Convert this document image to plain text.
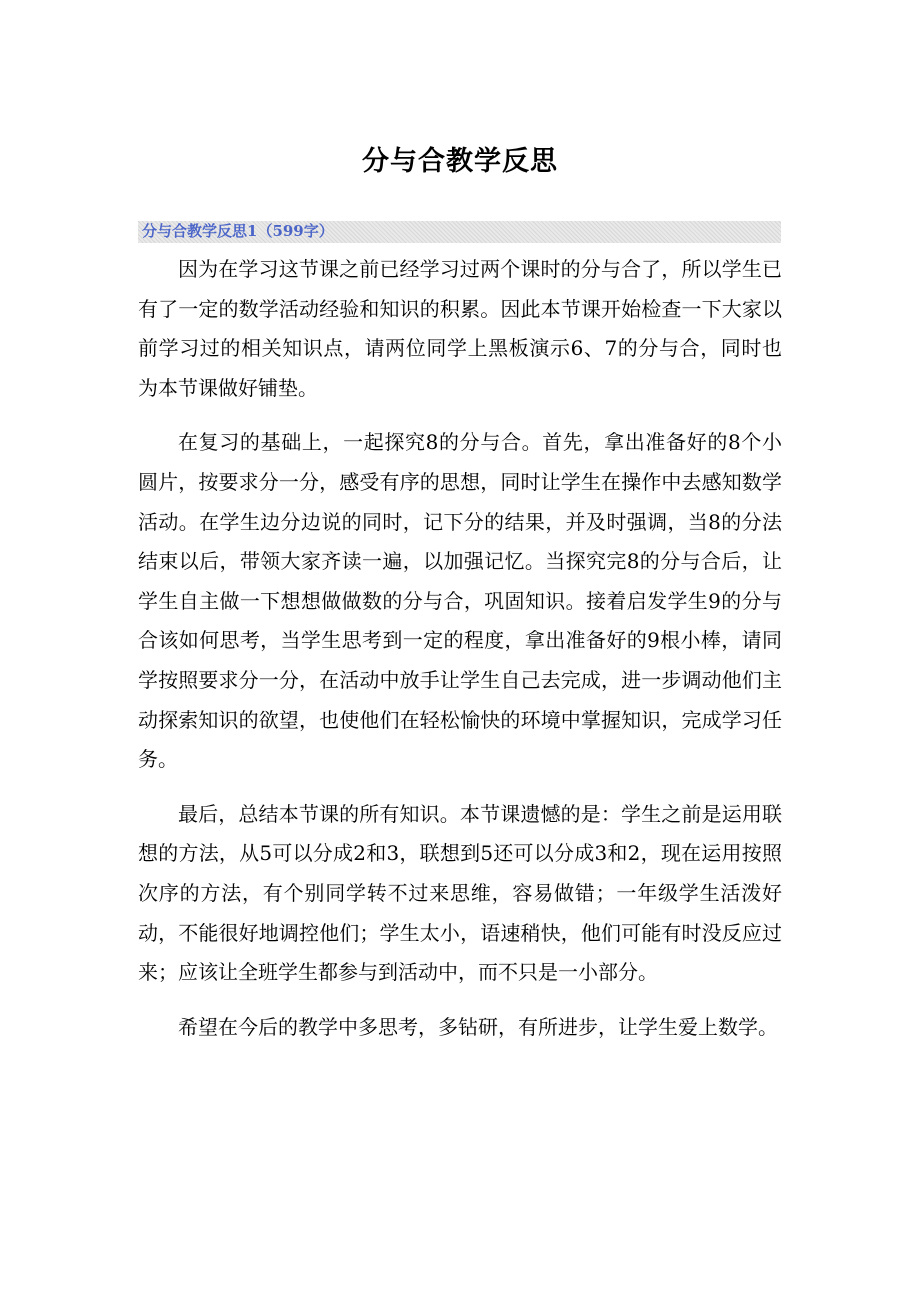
分与合教学反思
分与合教学反思1（599字）

因为在学习这节课之前已经学习过两个课时的分与合了，所以学生已有了一定的数学活动经验和知识的积累。因此本节课开始检查一下大家以前学习过的相关知识点，请两位同学上黑板演示6、7的分与合，同时也为本节课做好铺垫。

在复习的基础上，一起探究8的分与合。首先，拿出准备好的8个小圆片，按要求分一分，感受有序的思想，同时让学生在操作中去感知数学活动。在学生边分边说的同时，记下分的结果，并及时强调，当8的分法结束以后，带领大家齐读一遍，以加强记忆。当探究完8的分与合后，让学生自主做一下想想做做数的分与合，巩固知识。接着启发学生9的分与合该如何思考，当学生思考到一定的程度，拿出准备好的9根小棒，请同学按照要求分一分，在活动中放手让学生自己去完成，进一步调动他们主动探索知识的欲望，也使他们在轻松愉快的环境中掌握知识，完成学习任务。

最后，总结本节课的所有知识。本节课遗憾的是：学生之前是运用联想的方法，从5可以分成2和3，联想到5还可以分成3和2，现在运用按照次序的方法，有个别同学转不过来思维，容易做错；一年级学生活泼好动，不能很好地调控他们；学生太小，语速稍快，他们可能有时没反应过来；应该让全班学生都参与到活动中，而不只是一小部分。

希望在今后的教学中多思考，多钻研，有所进步，让学生爱上数学。
